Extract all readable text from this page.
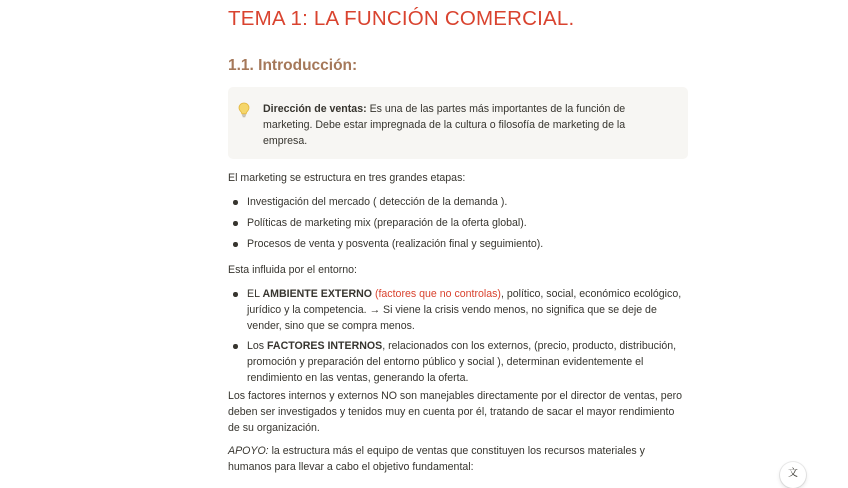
TEMA 1: LA FUNCIÓN COMERCIAL.
1.1. Introducción:
Dirección de ventas: Es una de las partes más importantes de la función de marketing. Debe estar impregnada de la cultura o filosofía de marketing de la empresa.

El marketing se estructura en tres grandes etapas:

Investigación del mercado ( detección de la demanda ).
Políticas de marketing mix (preparación de la oferta global).
Procesos de venta y posventa (realización final y seguimiento).

Esta influida por el entorno:

EL AMBIENTE EXTERNO (factores que no controlas), político, social, económico ecológico, jurídico y la competencia. → Si viene la crisis vendo menos, no significa que se deje de vender, sino que se compra menos.
Los FACTORES INTERNOS, relacionados con los externos, (precio, producto, distribución, promoción y preparación del entorno público y social ), determinan evidentemente el rendimiento en las ventas, generando la oferta.

Los factores internos y externos NO son manejables directamente por el director de ventas, pero deben ser investigados y tenidos muy en cuenta por él, tratando de sacar el mayor rendimiento de su organización.

APOYO: la estructura más el equipo de ventas que constituyen los recursos materiales y humanos para llevar a cabo el objetivo fundamental:

文
